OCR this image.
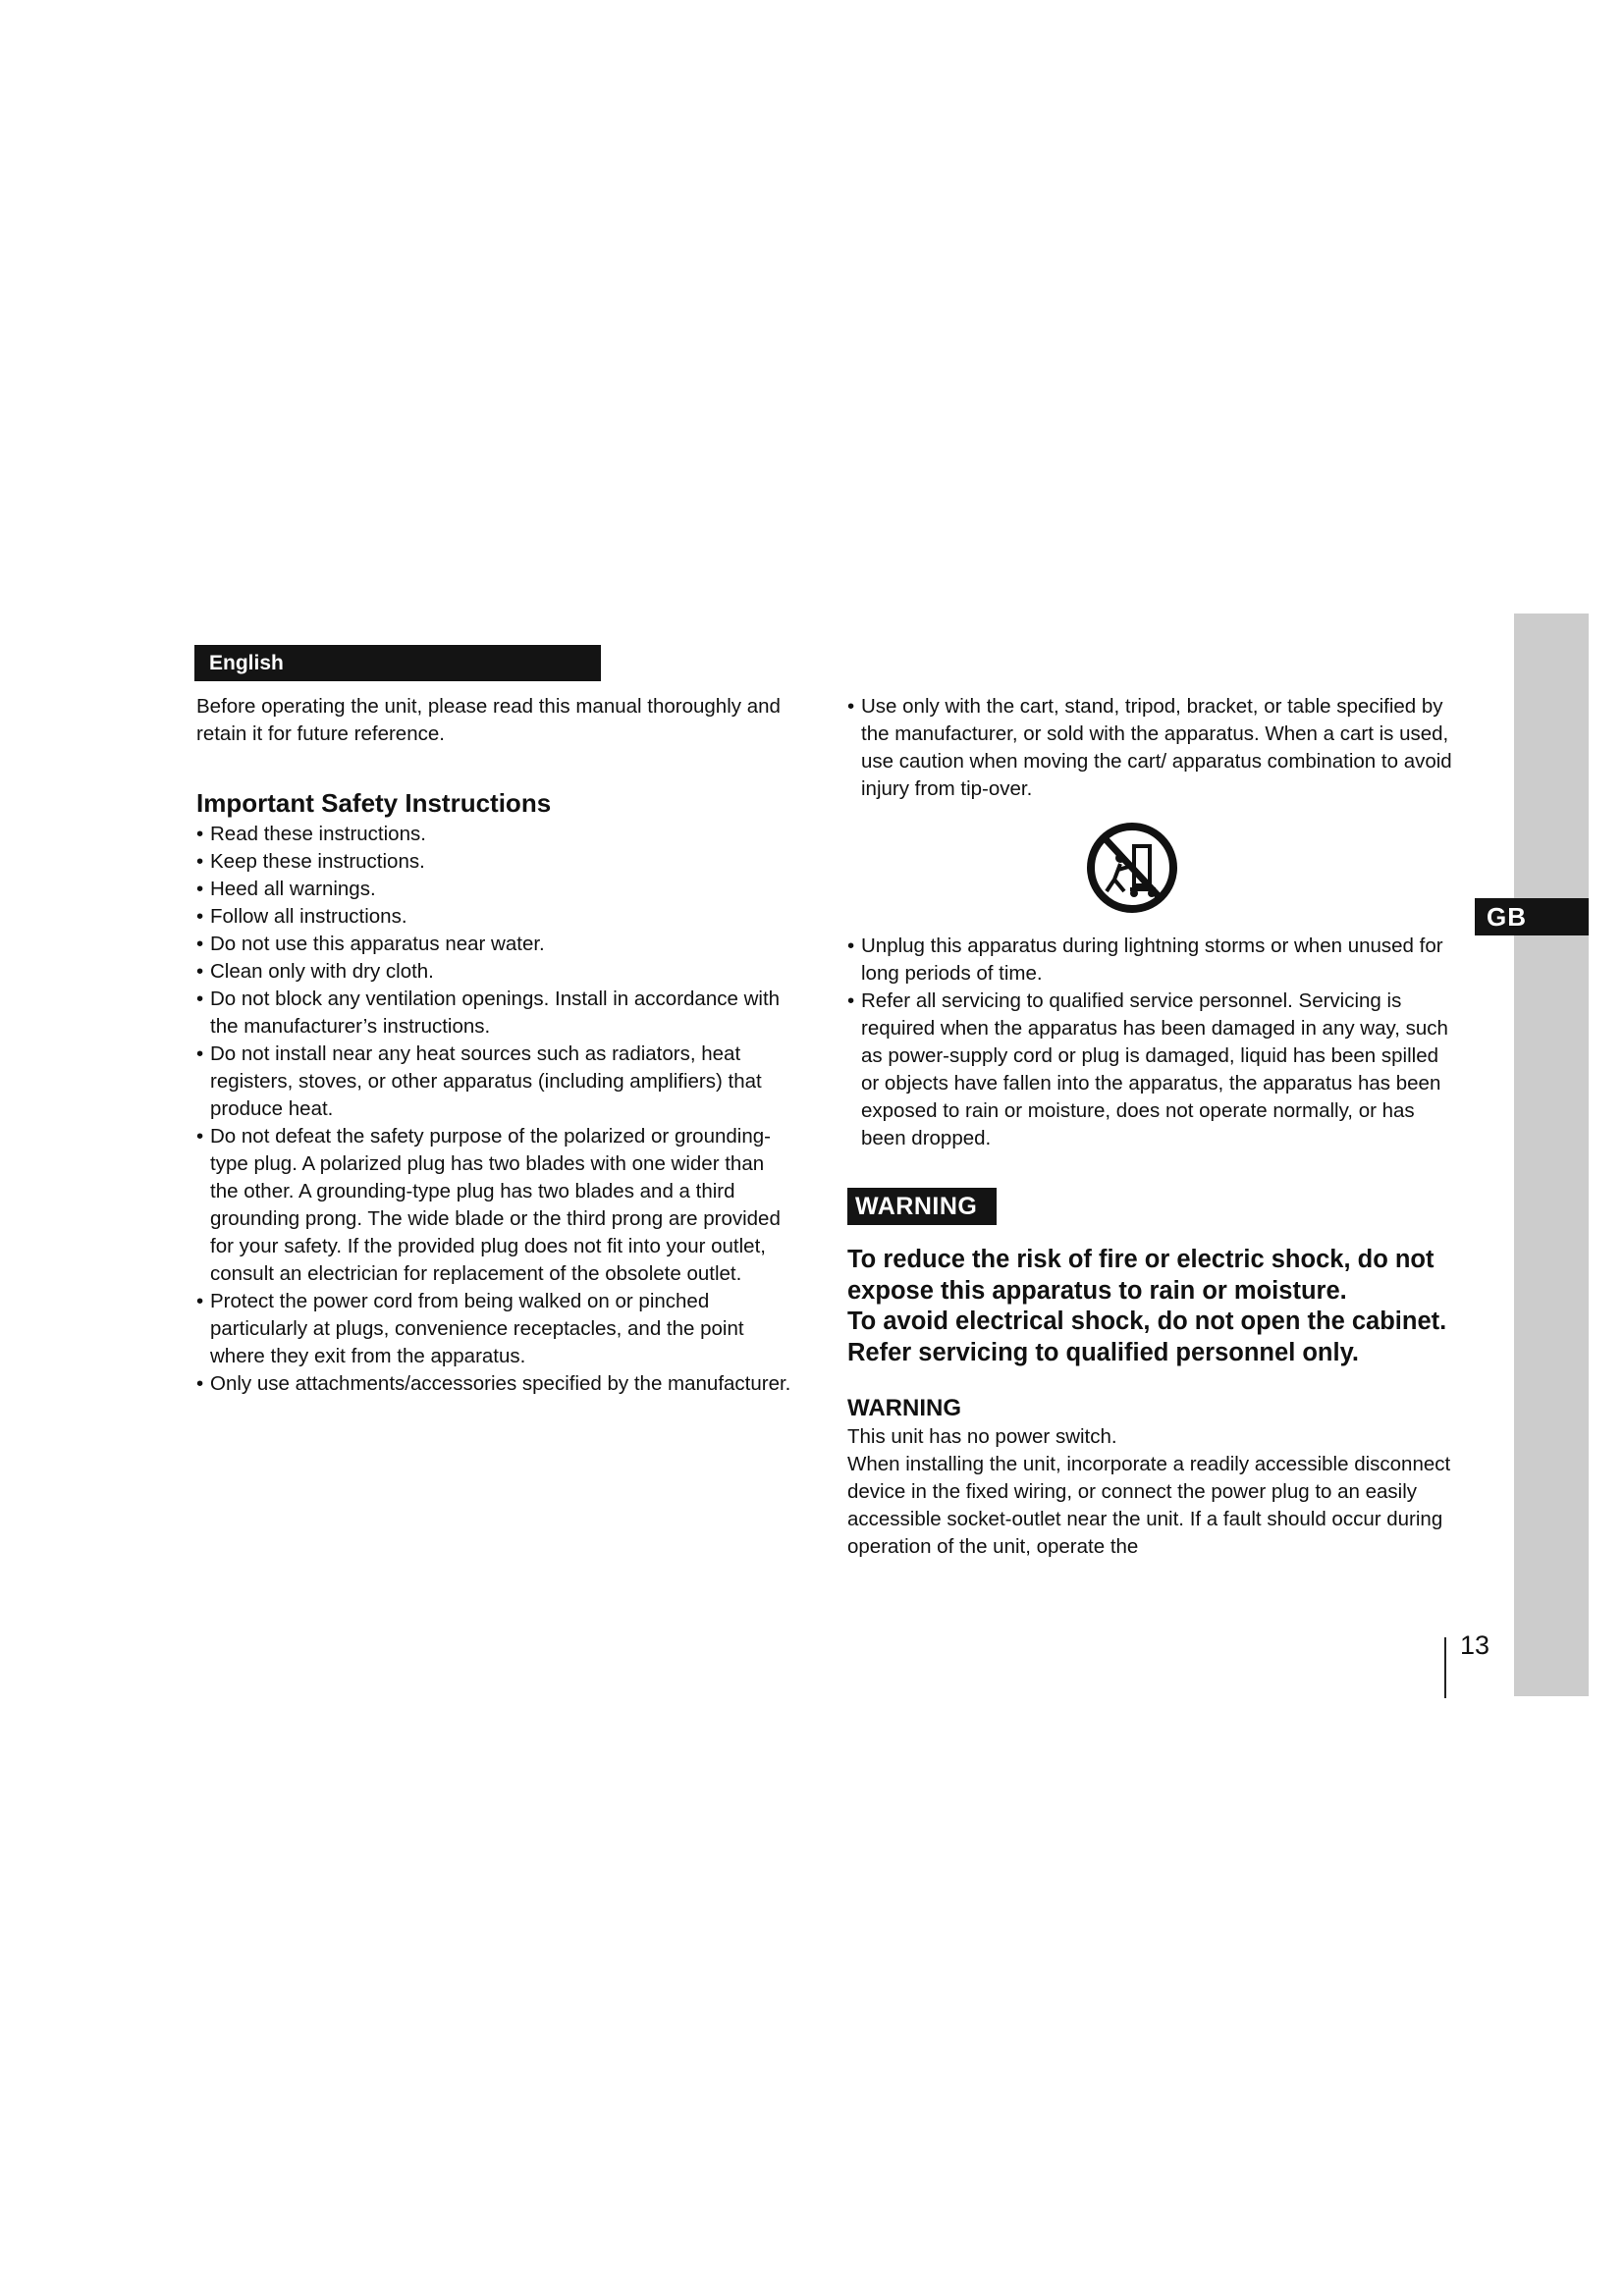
GB
English

Before operating the unit, please read this manual thoroughly and retain it for future reference.

Important Safety Instructions
• Read these instructions.
• Keep these instructions.
• Heed all warnings.
• Follow all instructions.
• Do not use this apparatus near water.
• Clean only with dry cloth.
• Do not block any ventilation openings. Install in accordance with the manufacturer’s instructions.
• Do not install near any heat sources such as radiators, heat registers, stoves, or other apparatus (including amplifiers) that produce heat.
• Do not defeat the safety purpose of the polarized or grounding-type plug. A polarized plug has two blades with one wider than the other. A grounding-type plug has two blades and a third grounding prong. The wide blade or the third prong are provided for your safety. If the provided plug does not fit into your outlet, consult an electrician for replacement of the obsolete outlet.
• Protect the power cord from being walked on or pinched particularly at plugs, convenience receptacles, and the point where they exit from the apparatus.
• Only use attachments/accessories specified by the manufacturer.
• Use only with the cart, stand, tripod, bracket, or table specified by the manufacturer, or sold with the apparatus. When a cart is used, use caution when moving the cart/ apparatus combination to avoid injury from tip-over.
• Unplug this apparatus during lightning storms or when unused for long periods of time.
• Refer all servicing to qualified service personnel. Servicing is required when the apparatus has been damaged in any way, such as power-supply cord or plug is damaged, liquid has been spilled or objects have fallen into the apparatus, the apparatus has been exposed to rain or moisture, does not operate normally, or has been dropped.
WARNING

To reduce the risk of fire or electric shock, do not expose this apparatus to rain or moisture.
To avoid electrical shock, do not open the cabinet. Refer servicing to qualified personnel only.

WARNING

This unit has no power switch.

When installing the unit, incorporate a readily accessible disconnect device in the fixed wiring, or connect the power plug to an easily accessible socket-outlet near the unit. If a fault should occur during operation of the unit, operate the

13
